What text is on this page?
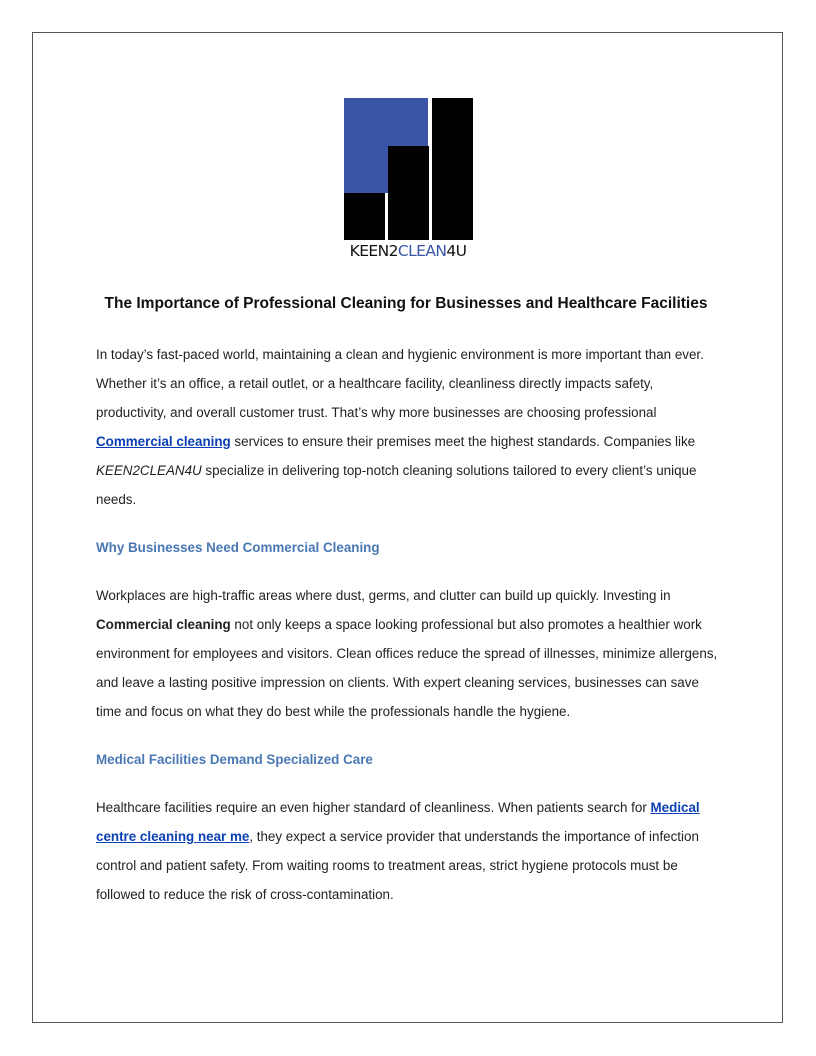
KEEN2CLEAN4U
The Importance of Professional Cleaning for Businesses and Healthcare Facilities

In today’s fast-paced world, maintaining a clean and hygienic environment is more important than ever. Whether it’s an office, a retail outlet, or a healthcare facility, cleanliness directly impacts safety, productivity, and overall customer trust. That’s why more businesses are choosing professional Commercial cleaning services to ensure their premises meet the highest standards. Companies like KEEN2CLEAN4U specialize in delivering top-notch cleaning solutions tailored to every client’s unique needs.

Why Businesses Need Commercial Cleaning

Workplaces are high-traffic areas where dust, germs, and clutter can build up quickly. Investing in Commercial cleaning not only keeps a space looking professional but also promotes a healthier work environment for employees and visitors. Clean offices reduce the spread of illnesses, minimize allergens, and leave a lasting positive impression on clients. With expert cleaning services, businesses can save time and focus on what they do best while the professionals handle the hygiene.

Medical Facilities Demand Specialized Care

Healthcare facilities require an even higher standard of cleanliness. When patients search for Medical centre cleaning near me, they expect a service provider that understands the importance of infection control and patient safety. From waiting rooms to treatment areas, strict hygiene protocols must be followed to reduce the risk of cross-contamination.
